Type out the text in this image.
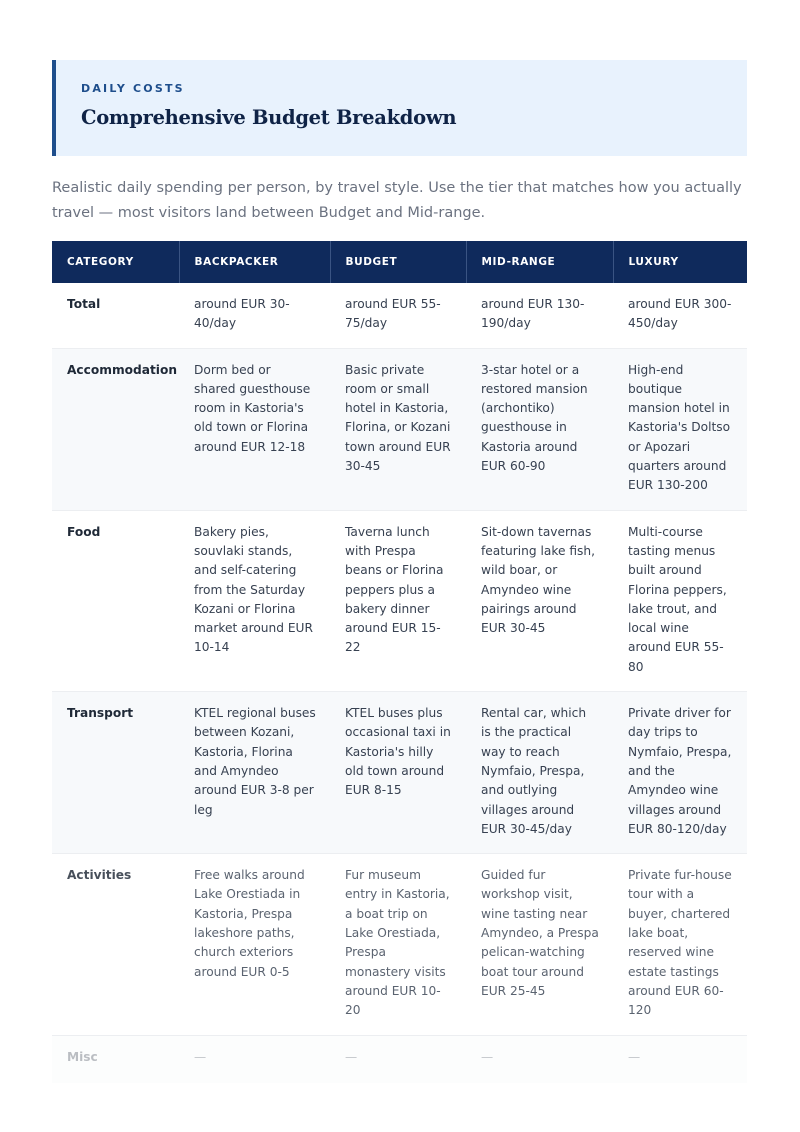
DAILY COSTS
Comprehensive Budget Breakdown

Realistic daily spending per person, by travel style. Use the tier that matches how you actually travel — most visitors land between Budget and Mid-range.

CATEGORY	BACKPACKER	BUDGET	MID-RANGE	LUXURY
Total	around EUR 30-40/day	around EUR 55-75/day	around EUR 130-190/day	around EUR 300-450/day
Accommodation	Dorm bed or shared guesthouse room in Kastoria's old town or Florina around EUR 12-18	Basic private room or small hotel in Kastoria, Florina, or Kozani town around EUR 30-45	3-star hotel or a restored mansion (archontiko) guesthouse in Kastoria around EUR 60-90	High-end boutique mansion hotel in Kastoria's Doltso or Apozari quarters around EUR 130-200
Food	Bakery pies, souvlaki stands, and self-catering from the Saturday Kozani or Florina market around EUR 10-14	Taverna lunch with Prespa beans or Florina peppers plus a bakery dinner around EUR 15-22	Sit-down tavernas featuring lake fish, wild boar, or Amyndeo wine pairings around EUR 30-45	Multi-course tasting menus built around Florina peppers, lake trout, and local wine around EUR 55-80
Transport	KTEL regional buses between Kozani, Kastoria, Florina and Amyndeo around EUR 3-8 per leg	KTEL buses plus occasional taxi in Kastoria's hilly old town around EUR 8-15	Rental car, which is the practical way to reach Nymfaio, Prespa, and outlying villages around EUR 30-45/day	Private driver for day trips to Nymfaio, Prespa, and the Amyndeo wine villages around EUR 80-120/day
Activities	Free walks around Lake Orestiada in Kastoria, Prespa lakeshore paths, church exteriors around EUR 0-5	Fur museum entry in Kastoria, a boat trip on Lake Orestiada, Prespa monastery visits around EUR 10-20	Guided fur workshop visit, wine tasting near Amyndeo, a Prespa pelican-watching boat tour around EUR 25-45	Private fur-house tour with a buyer, chartered lake boat, reserved wine estate tastings around EUR 60-120
Misc	—	—	—	—
